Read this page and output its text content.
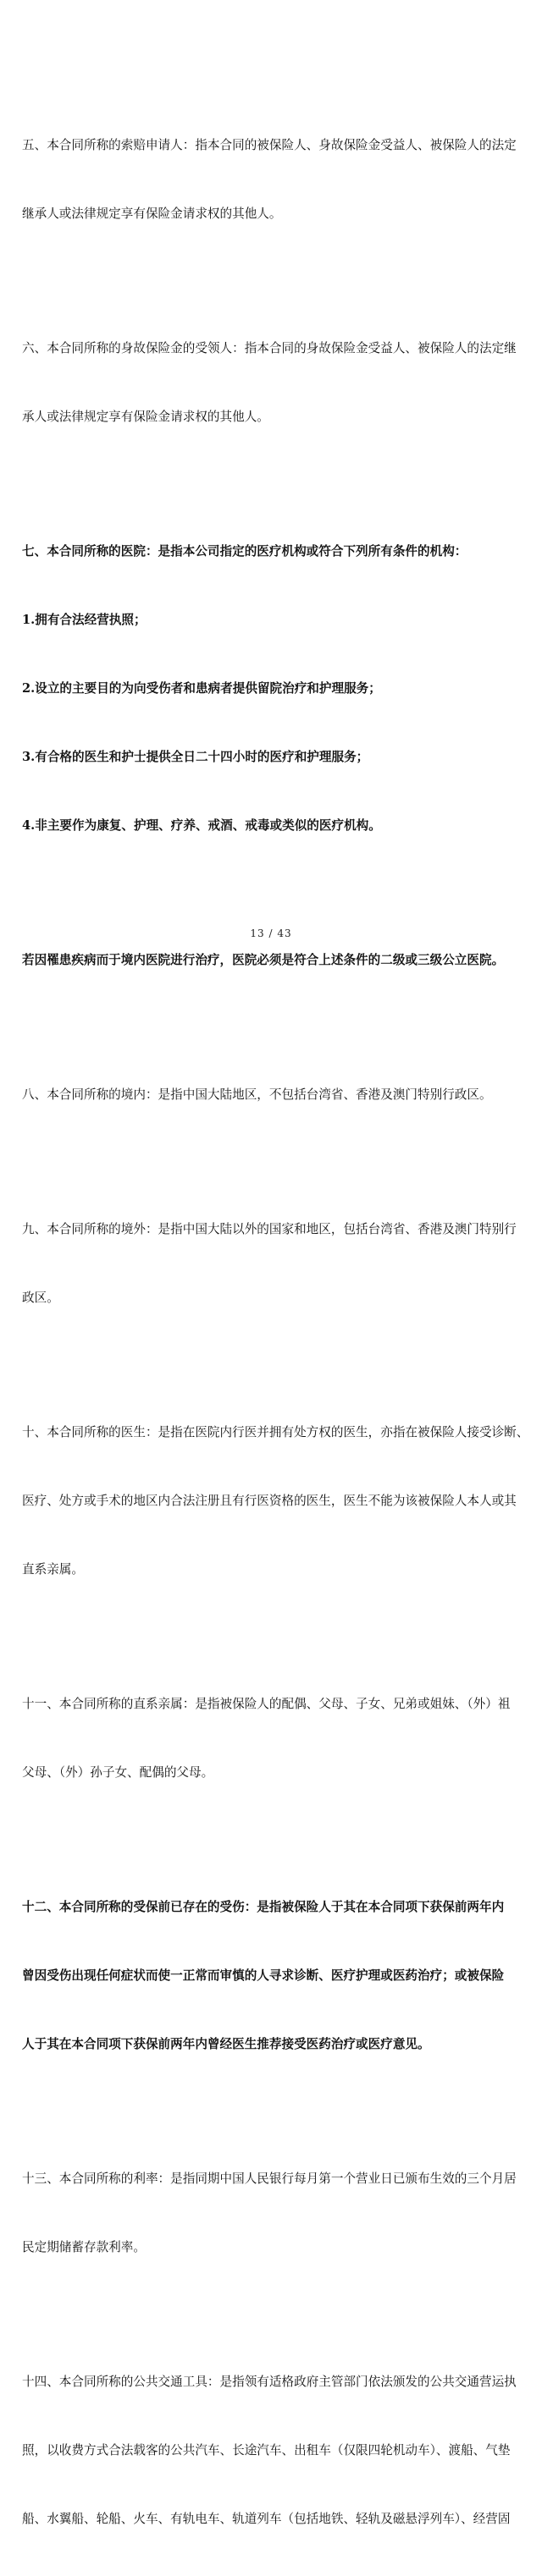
五、本合同所称的索赔申请人：指本合同的被保险人、身故保险金受益人、被保险人的法定

继承人或法律规定享有保险金请求权的其他人。

六、本合同所称的身故保险金的受领人：指本合同的身故保险金受益人、被保险人的法定继

承人或法律规定享有保险金请求权的其他人。

七、本合同所称的医院：是指本公司指定的医疗机构或符合下列所有条件的机构：

1.拥有合法经营执照；

2.设立的主要目的为向受伤者和患病者提供留院治疗和护理服务；

3.有合格的医生和护士提供全日二十四小时的医疗和护理服务；

4.非主要作为康复、护理、疗养、戒酒、戒毒或类似的医疗机构。

若因罹患疾病而于境内医院进行治疗，医院必须是符合上述条件的二级或三级公立医院。

八、本合同所称的境内：是指中国大陆地区，不包括台湾省、香港及澳门特别行政区。

九、本合同所称的境外：是指中国大陆以外的国家和地区，包括台湾省、香港及澳门特别行

政区。

十、本合同所称的医生：是指在医院内行医并拥有处方权的医生，亦指在被保险人接受诊断、

医疗、处方或手术的地区内合法注册且有行医资格的医生，医生不能为该被保险人本人或其

直系亲属。

十一、本合同所称的直系亲属：是指被保险人的配偶、父母、子女、兄弟或姐妹、（外）祖

父母、（外）孙子女、配偶的父母。

十二、本合同所称的受保前已存在的受伤：是指被保险人于其在本合同项下获保前两年内

曾因受伤出现任何症状而使一正常而审慎的人寻求诊断、医疗护理或医药治疗；或被保险

人于其在本合同项下获保前两年内曾经医生推荐接受医药治疗或医疗意见。

十三、本合同所称的利率：是指同期中国人民银行每月第一个营业日已颁布生效的三个月居

民定期储蓄存款利率。

十四、本合同所称的公共交通工具：是指领有适格政府主管部门依法颁发的公共交通营运执

照，以收费方式合法载客的公共汽车、长途汽车、出租车（仅限四轮机动车）、渡船、气垫

船、水翼船、轮船、火车、有轨电车、轨道列车（包括地铁、轻轨及磁悬浮列车）、经营固

13 / 43
